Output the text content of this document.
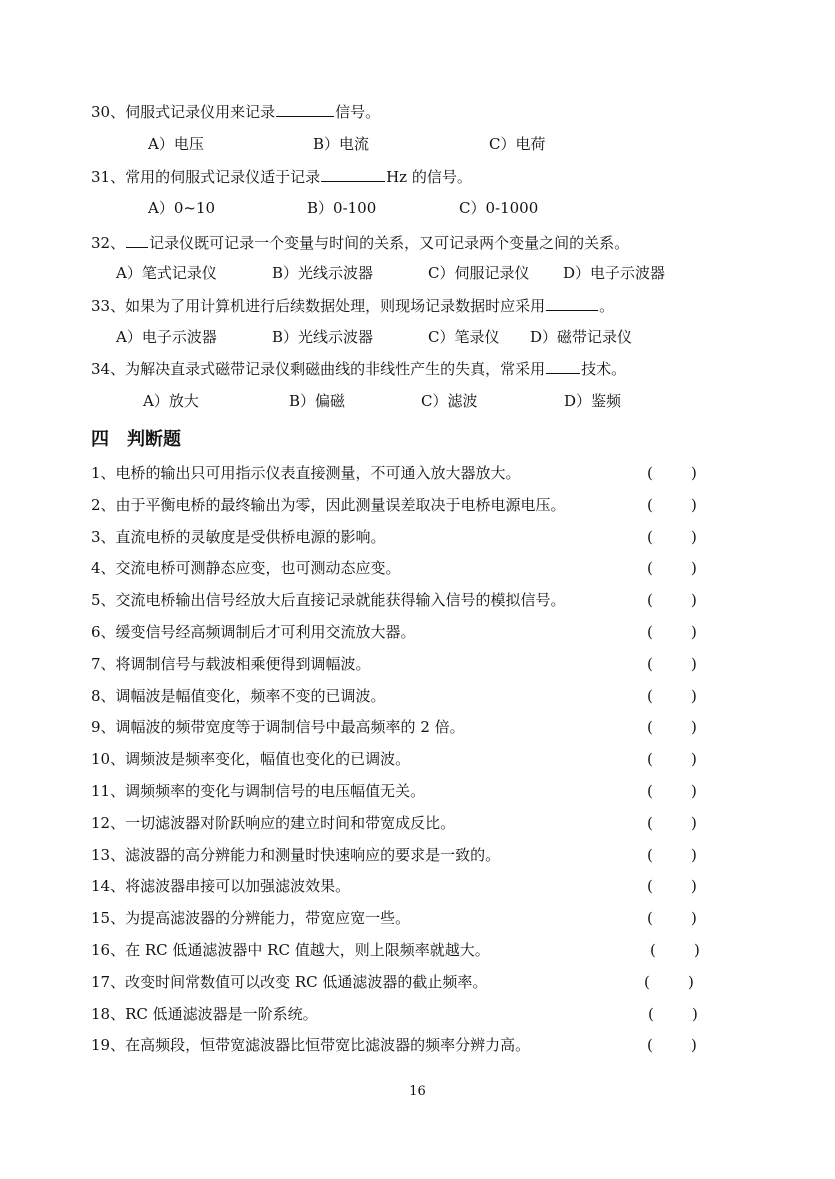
30、伺服式记录仪用来记录	信号。
A）电压	B）电流	C）电荷
31、常用的伺服式记录仪适于记录	Hz 的信号。
A）0~10	B）0-100	C）0-1000
32、 记录仪既可记录一个变量与时间的关系，又可记录两个变量之间的关系。
A）笔式记录仪	B）光线示波器	C）伺服记录仪 D）电子示波器
33、如果为了用计算机进行后续数据处理，则现场记录数据时应采用	。
A）电子示波器	B）光线示波器	C）笔录仪 D）磁带记录仪
34、为解决直录式磁带记录仪剩磁曲线的非线性产生的失真，常采用 技术。
A）放大	B）偏磁	C）滤波	D）鉴频
四 判断题
1、电桥的输出只可用指示仪表直接测量，不可通入放大器放大。	(        )
2、由于平衡电桥的最终输出为零，因此测量误差取决于电桥电源电压。	(        )
3、直流电桥的灵敏度是受供桥电源的影响。	(        )
4、交流电桥可测静态应变，也可测动态应变。	(        )
5、交流电桥输出信号经放大后直接记录就能获得输入信号的模拟信号。	(        )
6、缓变信号经高频调制后才可利用交流放大器。	(        )
7、将调制信号与载波相乘便得到调幅波。	(        )
8、调幅波是幅值变化，频率不变的已调波。	(        )
9、调幅波的频带宽度等于调制信号中最高频率的 2 倍。	(        )
10、调频波是频率变化，幅值也变化的已调波。	(        )
11、调频频率的变化与调制信号的电压幅值无关。	(        )
12、一切滤波器对阶跃响应的建立时间和带宽成反比。	(        )
13、滤波器的高分辨能力和测量时快速响应的要求是一致的。	(        )
14、将滤波器串接可以加强滤波效果。	(        )
15、为提高滤波器的分辨能力，带宽应宽一些。	(        )
16、在 RC 低通滤波器中 RC 值越大，则上限频率就越大。	(        )
17、改变时间常数值可以改变 RC 低通滤波器的截止频率。	(        )
18、RC 低通滤波器是一阶系统。	(        )
19、在高频段，恒带宽滤波器比恒带宽比滤波器的频率分辨力高。	(        )
16
